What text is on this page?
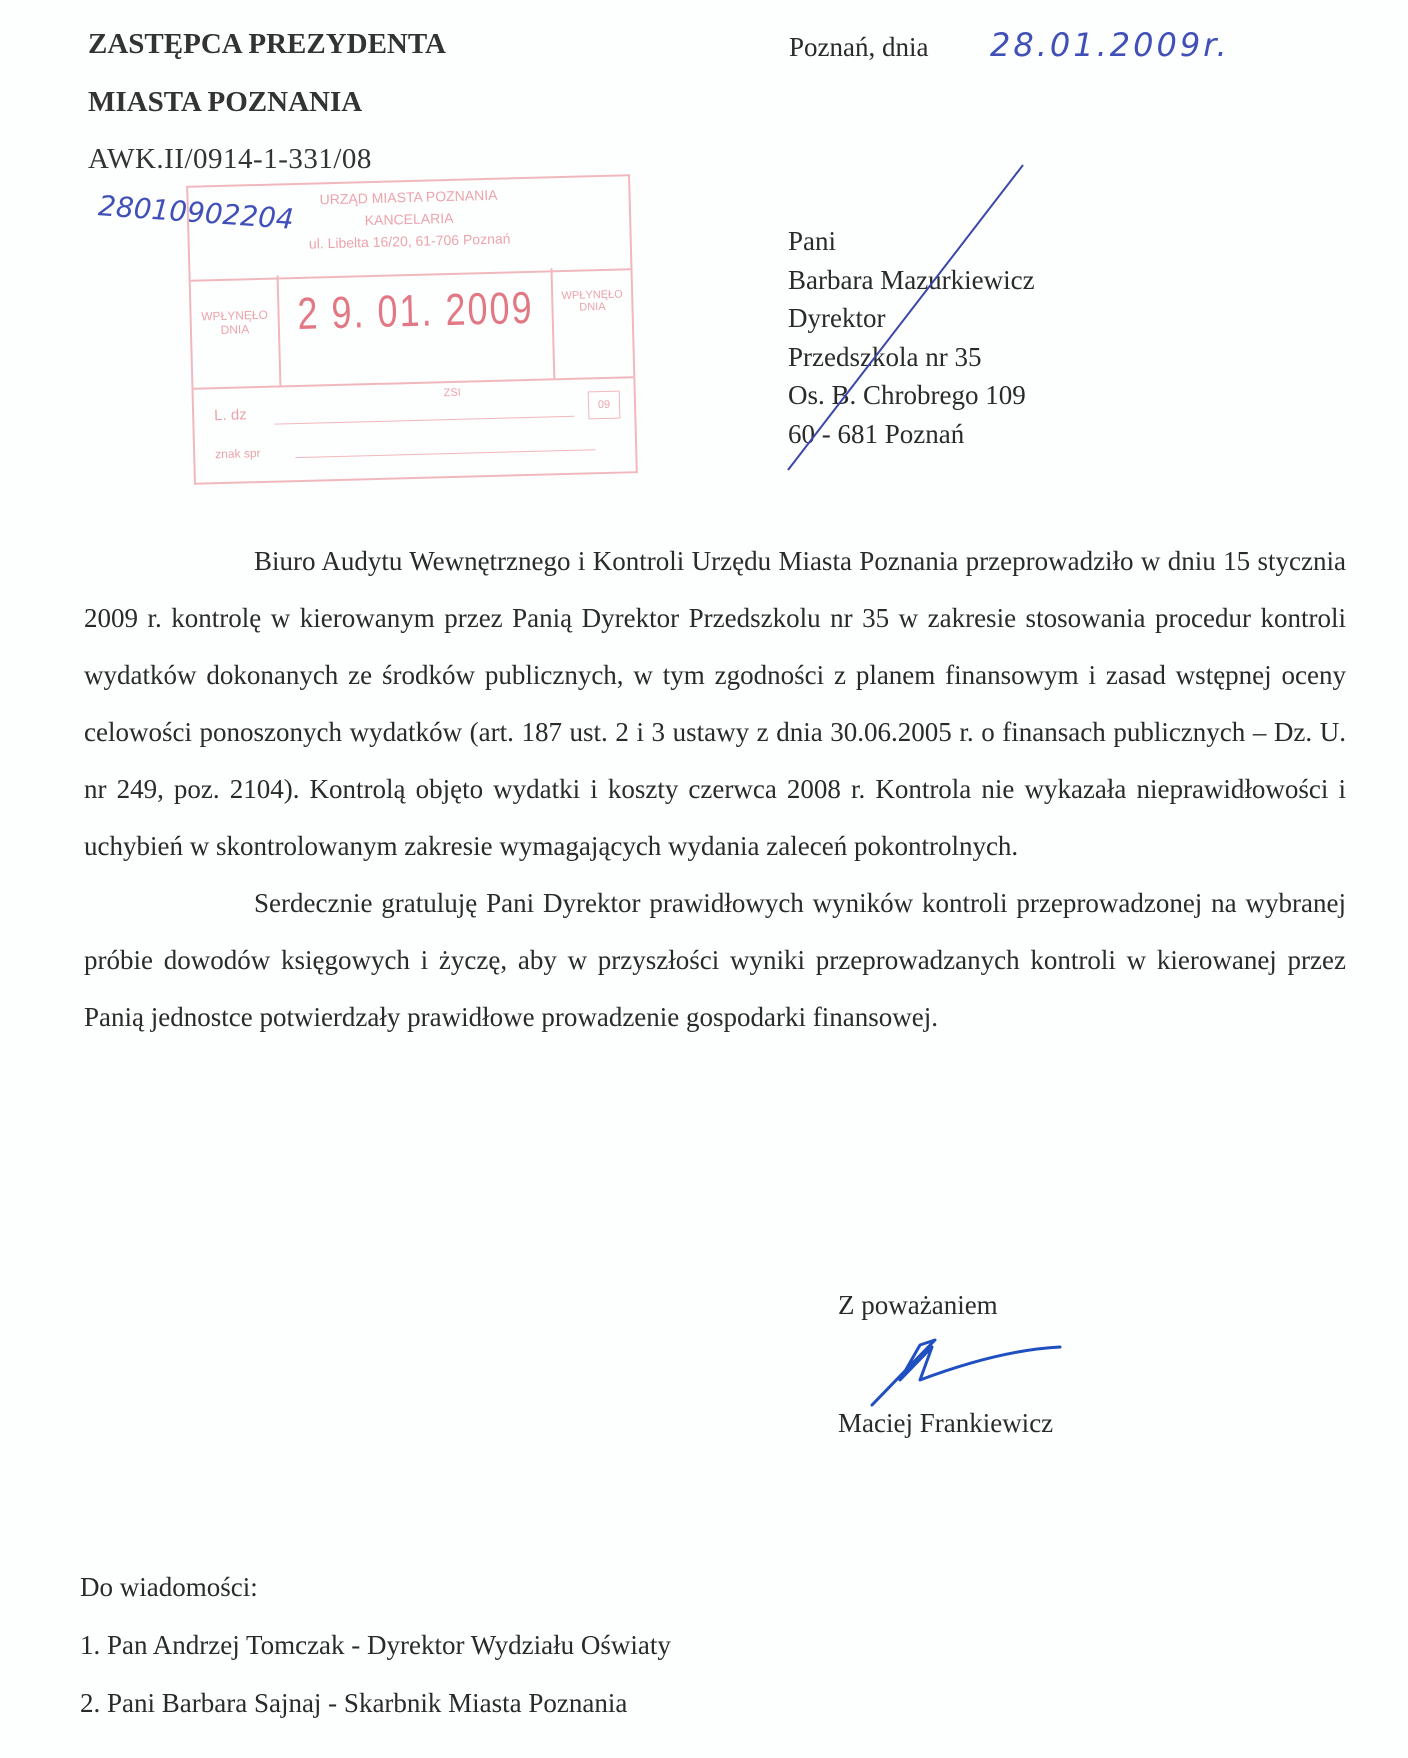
ZASTĘPCA PREZYDENTA
MIASTA POZNANIA
AWK.II/0914-1-331/08
28010902204	URZĄD MIASTA POZNANIA
KANCELARIA
ul. Libelta 16/20, 61-706 Poznań
WPŁYNĘŁO DNIA	2 9. 01. 2009	WPŁYNĘŁO DNIA
ZSI
L. dz
09
znak spr
Poznań, dnia 28.01.2009r.
Pani
Barbara Mazurkiewicz
Dyrektor
Przedszkola nr 35
Os. B. Chrobrego 109
60 - 681 Poznań

Biuro Audytu Wewnętrznego i Kontroli Urzędu Miasta Poznania przeprowadziło w dniu 15 stycznia 2009 r. kontrolę w kierowanym przez Panią Dyrektor Przedszkolu nr 35 w zakresie stosowania procedur kontroli wydatków dokonanych ze środków publicznych, w tym zgodności z planem finansowym i zasad wstępnej oceny celowości ponoszonych wydatków (art. 187 ust. 2 i 3 ustawy z dnia 30.06.2005 r. o finansach publicznych – Dz. U. nr 249, poz. 2104). Kontrolą objęto wydatki i koszty czerwca 2008 r. Kontrola nie wykazała nieprawidłowości i uchybień w skontrolowanym zakresie wymagających wydania zaleceń pokontrolnych.

Serdecznie gratuluję Pani Dyrektor prawidłowych wyników kontroli przeprowadzonej na wybranej próbie dowodów księgowych i życzę, aby w przyszłości wyniki przeprowadzanych kontroli w kierowanej przez Panią jednostce potwierdzały prawidłowe prowadzenie gospodarki finansowej.

Z poważaniem
Maciej Frankiewicz
Do wiadomości:
1. Pan Andrzej Tomczak - Dyrektor Wydziału Oświaty
2. Pani Barbara Sajnaj - Skarbnik Miasta Poznania
